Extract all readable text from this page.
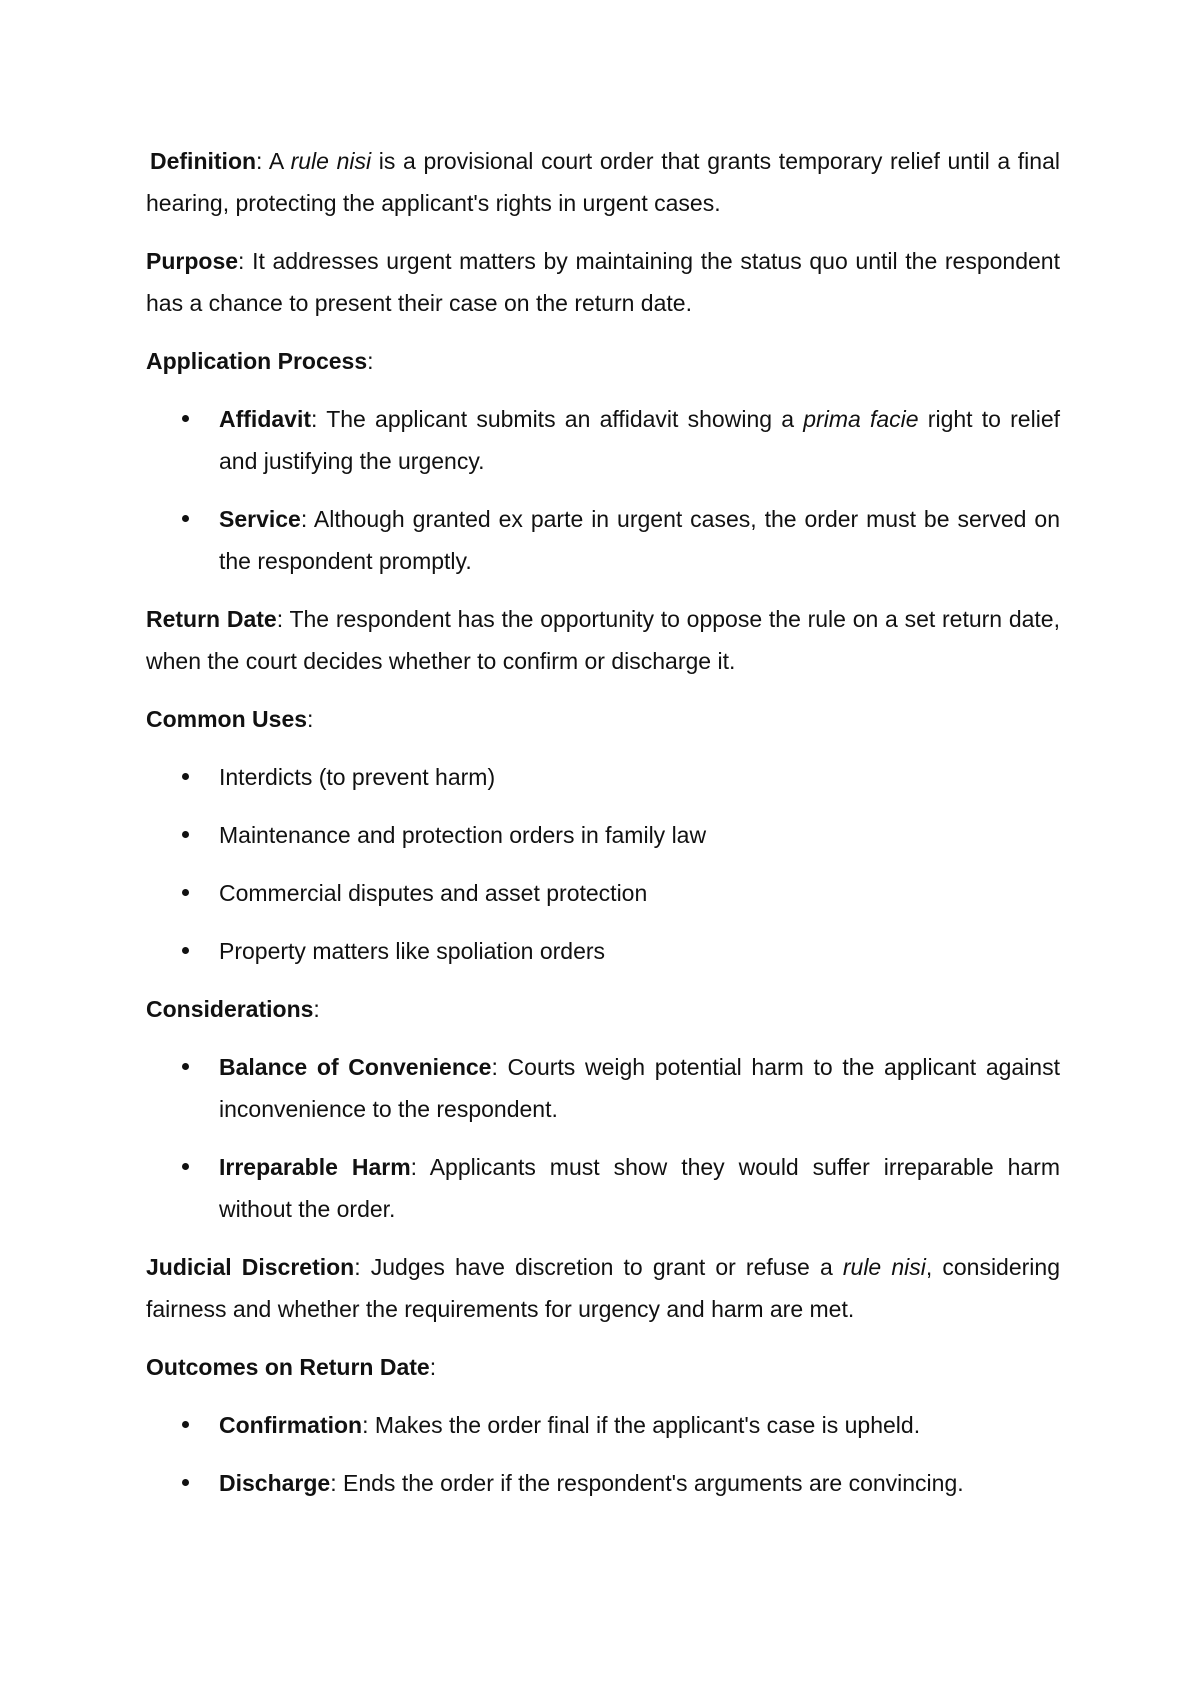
Definition: A rule nisi is a provisional court order that grants temporary relief until a final hearing, protecting the applicant's rights in urgent cases.

Purpose: It addresses urgent matters by maintaining the status quo until the respondent has a chance to present their case on the return date.

Application Process:

Affidavit: The applicant submits an affidavit showing a prima facie right to relief and justifying the urgency.
Service: Although granted ex parte in urgent cases, the order must be served on the respondent promptly.

Return Date: The respondent has the opportunity to oppose the rule on a set return date, when the court decides whether to confirm or discharge it.

Common Uses:

Interdicts (to prevent harm)
Maintenance and protection orders in family law
Commercial disputes and asset protection
Property matters like spoliation orders

Considerations:

Balance of Convenience: Courts weigh potential harm to the applicant against inconvenience to the respondent.
Irreparable Harm: Applicants must show they would suffer irreparable harm without the order.

Judicial Discretion: Judges have discretion to grant or refuse a rule nisi, considering fairness and whether the requirements for urgency and harm are met.

Outcomes on Return Date:

Confirmation: Makes the order final if the applicant's case is upheld.
Discharge: Ends the order if the respondent's arguments are convincing.
